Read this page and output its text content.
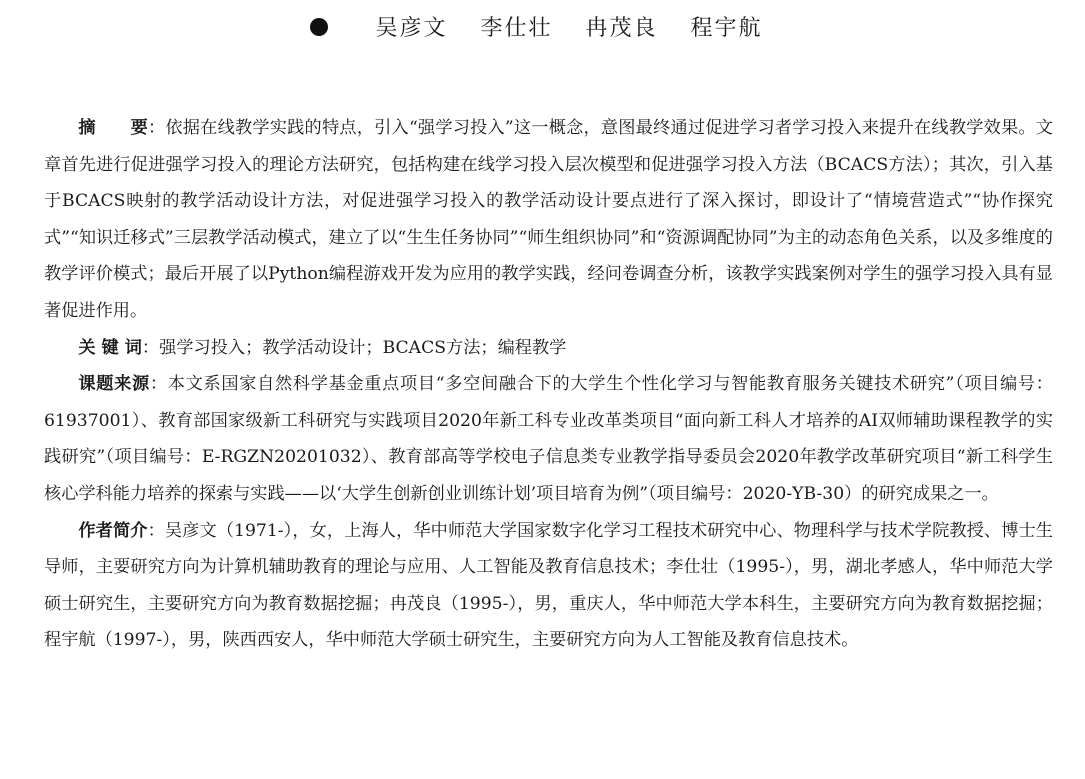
吴彦文 李仕壮 冉茂良 程宇航

摘　　要：依据在线教学实践的特点，引入“强学习投入”这一概念，意图最终通过促进学习者学习投入来提升在线教学效果。文章首先进行促进强学习投入的理论方法研究，包括构建在线学习投入层次模型和促进强学习投入方法（BCACS方法）；其次，引入基于BCACS映射的教学活动设计方法，对促进强学习投入的教学活动设计要点进行了深入探讨，即设计了“情境营造式”“协作探究式”“知识迁移式”三层教学活动模式，建立了以“生生任务协同”“师生组织协同”和“资源调配协同”为主的动态角色关系，以及多维度的教学评价模式；最后开展了以Python编程游戏开发为应用的教学实践，经问卷调查分析，该教学实践案例对学生的强学习投入具有显著促进作用。

关 键 词：强学习投入；教学活动设计；BCACS方法；编程教学

课题来源：本文系国家自然科学基金重点项目“多空间融合下的大学生个性化学习与智能教育服务关键技术研究”（项目编号：61937001）、教育部国家级新工科研究与实践项目2020年新工科专业改革类项目“面向新工科人才培养的AI双师辅助课程教学的实践研究”（项目编号：E-RGZN20201032）、教育部高等学校电子信息类专业教学指导委员会2020年教学改革研究项目“新工科学生核心学科能力培养的探索与实践——以‘大学生创新创业训练计划’项目培育为例”（项目编号：2020-YB-30）的研究成果之一。

作者简介：吴彦文（1971-），女，上海人，华中师范大学国家数字化学习工程技术研究中心、物理科学与技术学院教授、博士生导师，主要研究方向为计算机辅助教育的理论与应用、人工智能及教育信息技术；李仕壮（1995-），男，湖北孝感人，华中师范大学硕士研究生，主要研究方向为教育数据挖掘；冉茂良（1995-），男，重庆人，华中师范大学本科生，主要研究方向为教育数据挖掘；程宇航（1997-），男，陕西西安人，华中师范大学硕士研究生，主要研究方向为人工智能及教育信息技术。
